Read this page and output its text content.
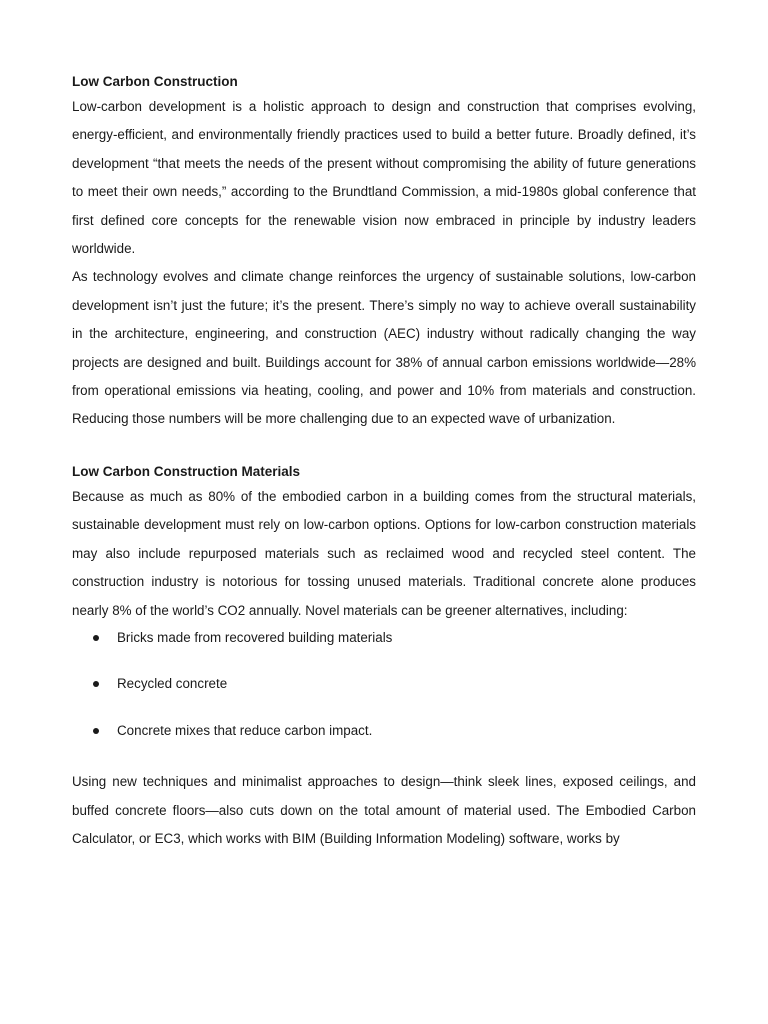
Low Carbon Construction

Low-carbon development is a holistic approach to design and construction that comprises evolving, energy-efficient, and environmentally friendly practices used to build a better future. Broadly defined, it’s development “that meets the needs of the present without compromising the ability of future generations to meet their own needs,” according to the Brundtland Commission, a mid-1980s global conference that first defined core concepts for the renewable vision now embraced in principle by industry leaders worldwide.

As technology evolves and climate change reinforces the urgency of sustainable solutions, low-carbon development isn’t just the future; it’s the present. There’s simply no way to achieve overall sustainability in the architecture, engineering, and construction (AEC) industry without radically changing the way projects are designed and built. Buildings account for 38% of annual carbon emissions worldwide—28% from operational emissions via heating, cooling, and power and 10% from materials and construction. Reducing those numbers will be more challenging due to an expected wave of urbanization.

Low Carbon Construction Materials

Because as much as 80% of the embodied carbon in a building comes from the structural materials, sustainable development must rely on low-carbon options. Options for low-carbon construction materials may also include repurposed materials such as reclaimed wood and recycled steel content. The construction industry is notorious for tossing unused materials. Traditional concrete alone produces nearly 8% of the world’s CO2 annually. Novel materials can be greener alternatives, including:

Bricks made from recovered building materials
Recycled concrete
Concrete mixes that reduce carbon impact.

Using new techniques and minimalist approaches to design—think sleek lines, exposed ceilings, and buffed concrete floors—also cuts down on the total amount of material used. The Embodied Carbon Calculator, or EC3, which works with BIM (Building Information Modeling) software, works by
